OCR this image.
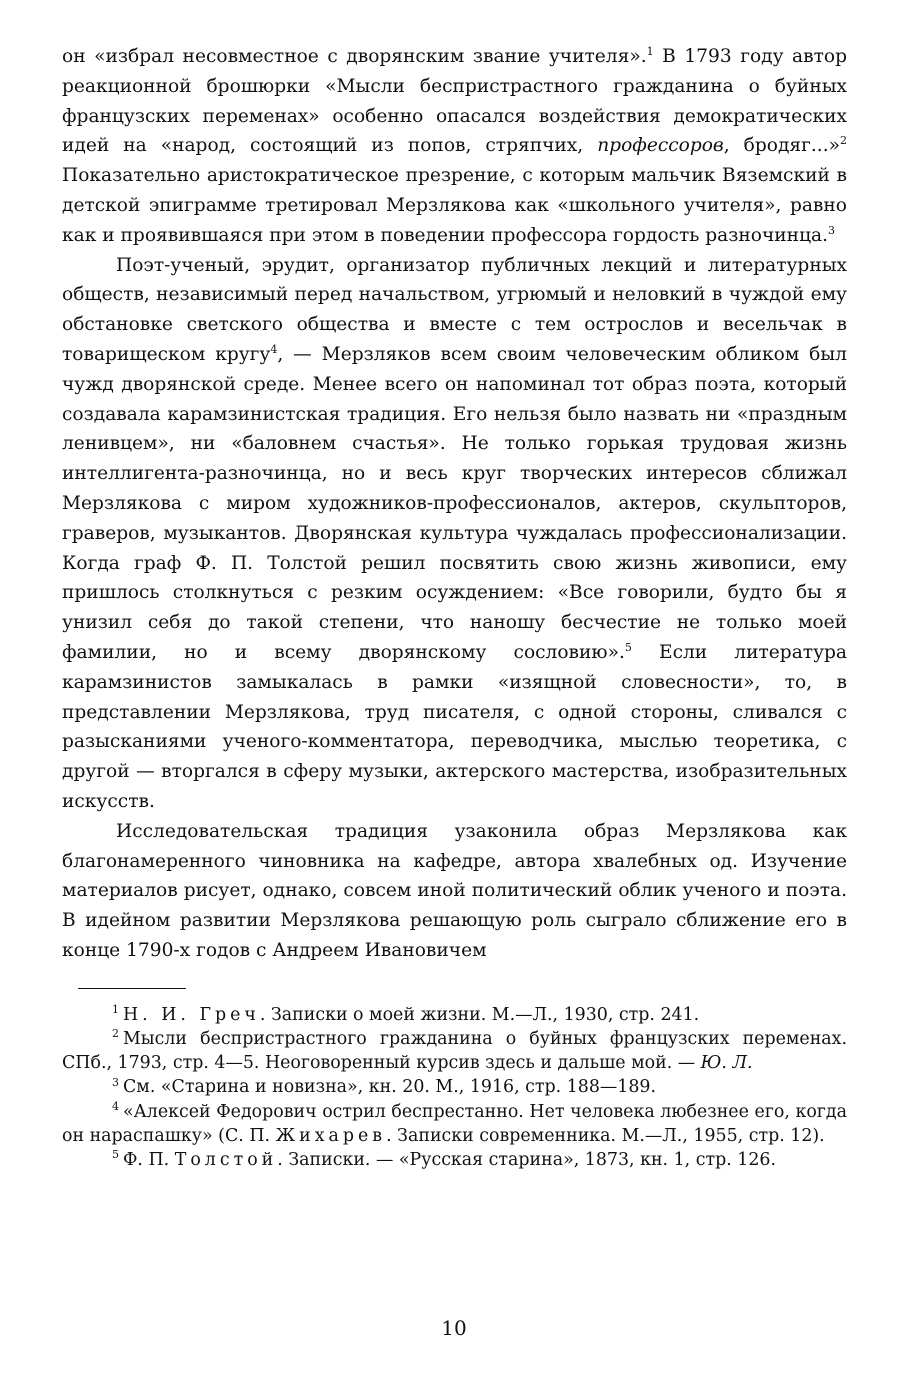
он «избрал несовместное с дворянским звание учителя».$^1$ В 1793 году автор реакционной брошюрки «Мысли беспристрастного гражданина о буйных французских переменах» особенно опасался воздействия демократических идей на «народ, состоящий из попов, стряпчих, профессоров, бродяг...»$^2$ Показательно аристократическое презрение, с которым мальчик Вяземский в детской эпиграмме третировал Мерзлякова как «школьного учителя», равно как и проявившаяся при этом в поведении профессора гордость разночинца.$^3$

Поэт-ученый, эрудит, организатор публичных лекций и литературных обществ, независимый перед начальством, угрюмый и неловкий в чуждой ему обстановке светского общества и вместе с тем острослов и весельчак в товарищеском кругу$^4$, — Мерзляков всем своим человеческим обликом был чужд дворянской среде. Менее всего он напоминал тот образ поэта, который создавала карамзинистская традиция. Его нельзя было назвать ни «праздным ленивцем», ни «баловнем счастья». Не только горькая трудовая жизнь интеллигента-разночинца, но и весь круг творческих интересов сближал Мерзлякова с миром художников-профессионалов, актеров, скульпторов, граверов, музыкантов. Дворянская культура чуждалась профессионализации. Когда граф Ф. П. Толстой решил посвятить свою жизнь живописи, ему пришлось столкнуться с резким осуждением: «Все говорили, будто бы я унизил себя до такой степени, что наношу бесчестие не только моей фамилии, но и всему дворянскому сословию».$^5$ Если литература карамзинистов замыкалась в рамки «изящной словесности», то, в представлении Мерзлякова, труд писателя, с одной стороны, сливался с разысканиями ученого-комментатора, переводчика, мыслью теоретика, с другой — вторгался в сферу музыки, актерского мастерства, изобразительных искусств.

Исследовательская традиция узаконила образ Мерзлякова как благонамеренного чиновника на кафедре, автора хвалебных од. Изучение материалов рисует, однако, совсем иной политический облик ученого и поэта. В идейном развитии Мерзлякова решающую роль сыграло сближение его в конце 1790-х годов с Андреем Ивановичем

$^1$ Н. И. Греч. Записки о моей жизни. М.—Л., 1930, стр. 241.

$^2$ Мысли беспристрастного гражданина о буйных французских переменах. СПб., 1793, стр. 4—5. Неоговоренный курсив здесь и дальше мой. — Ю. Л.

$^3$ См. «Старина и новизна», кн. 20. М., 1916, стр. 188—189.

$^4$ «Алексей Федорович острил беспрестанно. Нет человека любезнее его, когда он нараспашку» (С. П. Жихарев. Записки современника. М.—Л., 1955, стр. 12).

$^5$ Ф. П. Толстой. Записки. — «Русская старина», 1873, кн. 1, стр. 126.

10
